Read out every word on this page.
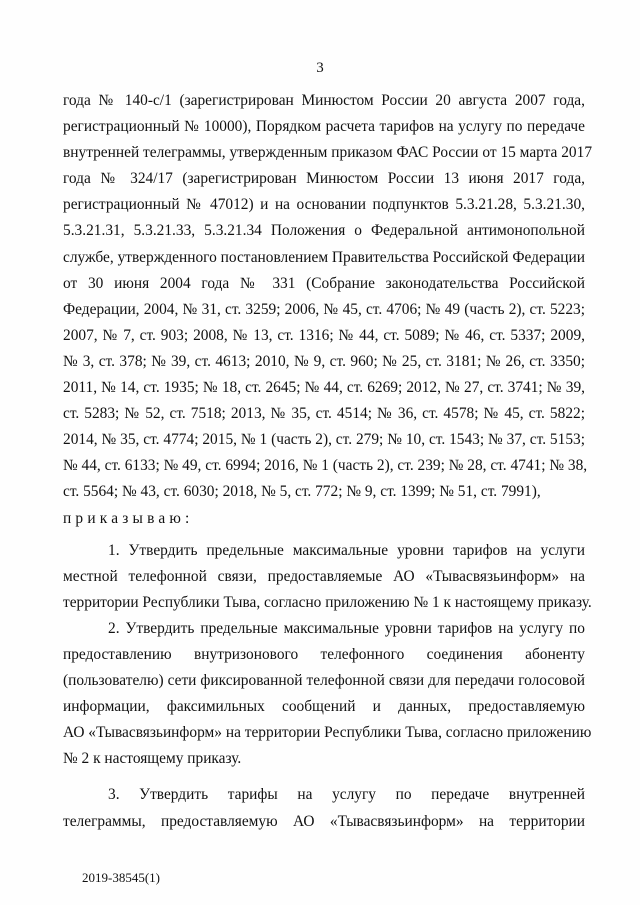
3
года № 140-с/1 (зарегистрирован Минюстом России 20 августа 2007 года,
регистрационный № 10000), Порядком расчета тарифов на услугу по передаче
внутренней телеграммы, утвержденным приказом ФАС России от 15 марта 2017
года № 324/17 (зарегистрирован Минюстом России 13 июня 2017 года,
регистрационный № 47012) и на основании подпунктов 5.3.21.28, 5.3.21.30,
5.3.21.31, 5.3.21.33, 5.3.21.34 Положения о Федеральной антимонопольной
службе, утвержденного постановлением Правительства Российской Федерации
от 30 июня 2004 года № 331 (Собрание законодательства Российской
Федерации, 2004, № 31, ст. 3259; 2006, № 45, ст. 4706; № 49 (часть 2), ст. 5223;
2007, № 7, ст. 903; 2008, № 13, ст. 1316; № 44, ст. 5089; № 46, ст. 5337; 2009,
№ 3, ст. 378; № 39, ст. 4613; 2010, № 9, ст. 960; № 25, ст. 3181; № 26, ст. 3350;
2011, № 14, ст. 1935; № 18, ст. 2645; № 44, ст. 6269; 2012, № 27, ст. 3741; № 39,
ст. 5283; № 52, ст. 7518; 2013, № 35, ст. 4514; № 36, ст. 4578; № 45, ст. 5822;
2014, № 35, ст. 4774; 2015, № 1 (часть 2), ст. 279; № 10, ст. 1543; № 37, ст. 5153;
№ 44, ст. 6133; № 49, ст. 6994; 2016, № 1 (часть 2), ст. 239; № 28, ст. 4741; № 38,
ст. 5564; № 43, ст. 6030; 2018, № 5, ст. 772; № 9, ст. 1399; № 51, ст. 7991),
приказываю:
1. Утвердить предельные максимальные уровни тарифов на услуги
местной телефонной связи, предоставляемые АО «Тывасвязьинформ» на
территории Республики Тыва, согласно приложению № 1 к настоящему приказу.
2. Утвердить предельные максимальные уровни тарифов на услугу по
предоставлению внутризонового телефонного соединения абоненту
(пользователю) сети фиксированной телефонной связи для передачи голосовой
информации, факсимильных сообщений и данных, предоставляемую
АО «Тывасвязьинформ» на территории Республики Тыва, согласно приложению
№ 2 к настоящему приказу.
3. Утвердить тарифы на услугу по передаче внутренней
телеграммы, предоставляемую АО «Тывасвязьинформ» на территории
2019-38545(1)
